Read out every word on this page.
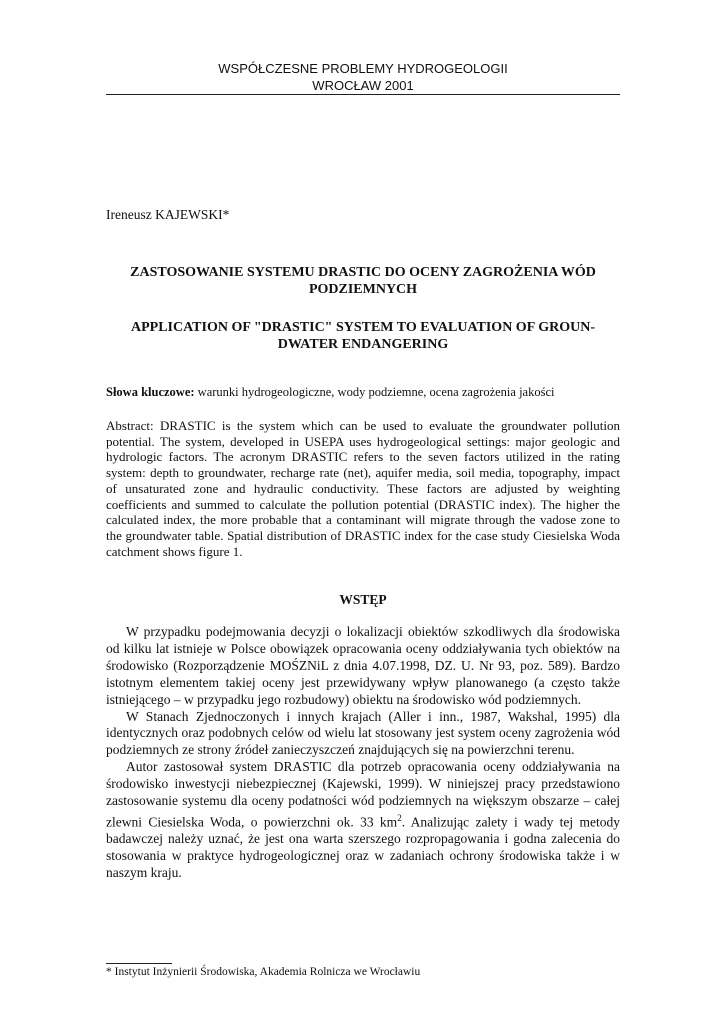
WSPÓŁCZESNE PROBLEMY HYDROGEOLOGII
WROCŁAW 2001
Ireneusz KAJEWSKI*
ZASTOSOWANIE SYSTEMU DRASTIC DO OCENY ZAGROŻENIA WÓD PODZIEMNYCH
APPLICATION OF "DRASTIC" SYSTEM TO EVALUATION OF GROUN-DWATER ENDANGERING
Słowa kluczowe: warunki hydrogeologiczne, wody podziemne, ocena zagrożenia jakości
Abstract: DRASTIC is the system which can be used to evaluate the groundwater pollution potential. The system, developed in USEPA uses hydrogeological settings: major geologic and hydrologic factors. The acronym DRASTIC refers to the seven factors utilized in the rating system: depth to groundwater, recharge rate (net), aquifer media, soil media, topography, impact of unsaturated zone and hydraulic conductivity. These factors are adjusted by weighting coefficients and summed to calculate the pollution potential (DRASTIC index). The higher the calculated index, the more probable that a contaminant will migrate through the vadose zone to the groundwater table. Spatial distribution of DRASTIC index for the case study Ciesielska Woda catchment shows figure 1.
WSTĘP

W przypadku podejmowania decyzji o lokalizacji obiektów szkodliwych dla środowiska od kilku lat istnieje w Polsce obowiązek opracowania oceny oddziaływania tych obiektów na środowisko (Rozporządzenie MOŚZNiL z dnia 4.07.1998, DZ. U. Nr 93, poz. 589). Bardzo istotnym elementem takiej oceny jest przewidywany wpływ planowanego (a często także istniejącego – w przypadku jego rozbudowy) obiektu na środowisko wód podziemnych.

W Stanach Zjednoczonych i innych krajach (Aller i inn., 1987, Wakshal, 1995) dla identycznych oraz podobnych celów od wielu lat stosowany jest system oceny zagrożenia wód podziemnych ze strony źródeł zanieczyszczeń znajdujących się na powierzchni terenu.

Autor zastosował system DRASTIC dla potrzeb opracowania oceny oddziaływania na środowisko inwestycji niebezpiecznej (Kajewski, 1999). W niniejszej pracy przedstawiono zastosowanie systemu dla oceny podatności wód podziemnych na większym obszarze – całej zlewni Ciesielska Woda, o powierzchni ok. 33 $km^2$. Analizując zalety i wady tej metody badawczej należy uznać, że jest ona warta szerszego rozpropagowania i godna zalecenia do stosowania w praktyce hydrogeologicznej oraz w zadaniach ochrony środowiska także i w naszym kraju.

* Instytut Inżynierii Środowiska, Akademia Rolnicza we Wrocławiu
